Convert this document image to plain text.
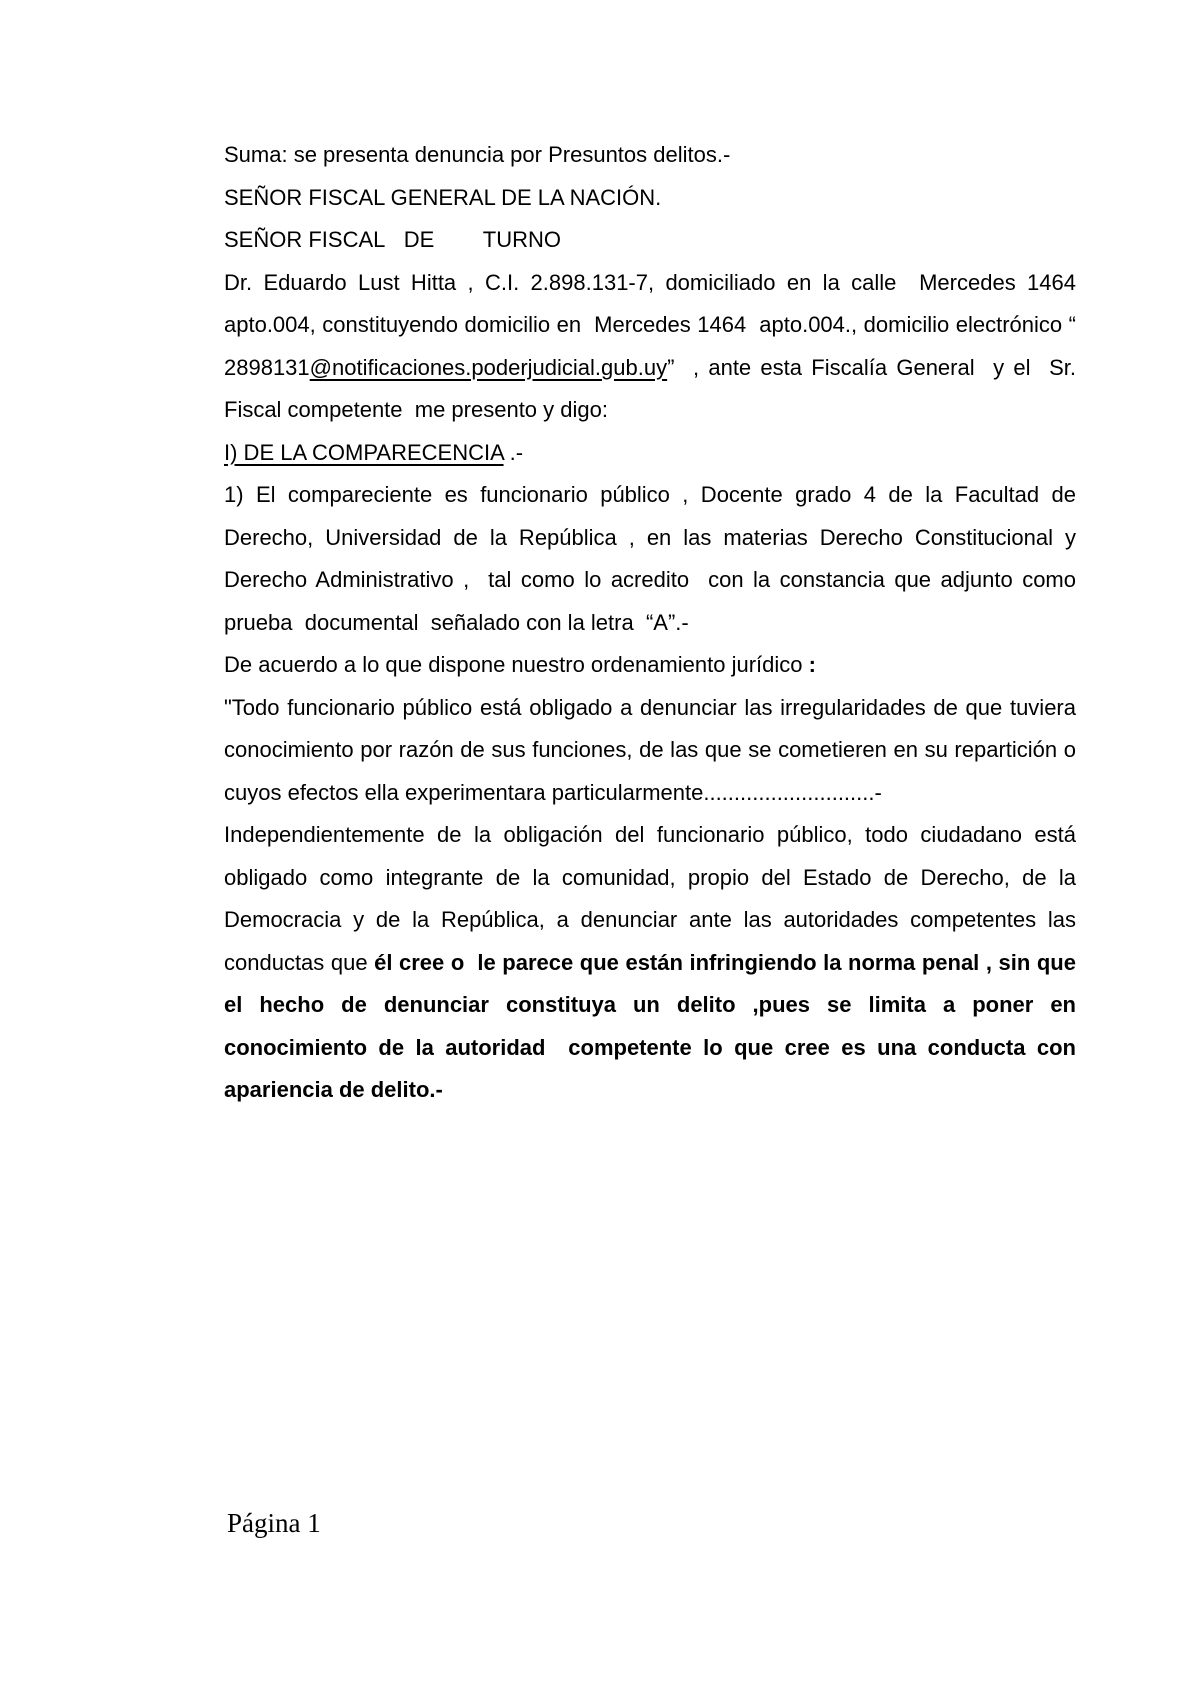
Suma: se presenta denuncia por Presuntos delitos.-

SEÑOR FISCAL GENERAL DE LA NACIÓN.
SEÑOR FISCAL   DE        TURNO

Dr. Eduardo Lust Hitta , C.I. 2.898.131-7, domiciliado en la calle  Mercedes 1464 apto.004, constituyendo domicilio en  Mercedes 1464  apto.004., domicilio electrónico “ 2898131@notificaciones.poderjudicial.gub.uy”  , ante esta Fiscalía General  y el  Sr. Fiscal competente  me presento y digo:

I) DE LA COMPARECENCIA .-

1) El compareciente es funcionario público , Docente grado 4 de la Facultad de Derecho, Universidad de la República , en las materias Derecho Constitucional y Derecho Administrativo ,  tal como lo acredito  con la constancia que adjunto como prueba  documental  señalado con la letra  “A”.-

De acuerdo a lo que dispone nuestro ordenamiento jurídico :

"Todo funcionario público está obligado a denunciar las irregularidades de que tuviera conocimiento por razón de sus funciones, de las que se cometieren en su repartición o cuyos efectos ella experimentara particularmente............................-

Independientemente de la obligación del funcionario público, todo ciudadano está obligado como integrante de la comunidad, propio del Estado de Derecho, de la Democracia y de la República, a denunciar ante las autoridades competentes las conductas que él cree o  le parece que están infringiendo la norma penal , sin que el hecho de denunciar constituya un delito ,pues se limita a poner en conocimiento de la autoridad  competente lo que cree es una conducta con apariencia de delito.-

Página 1
